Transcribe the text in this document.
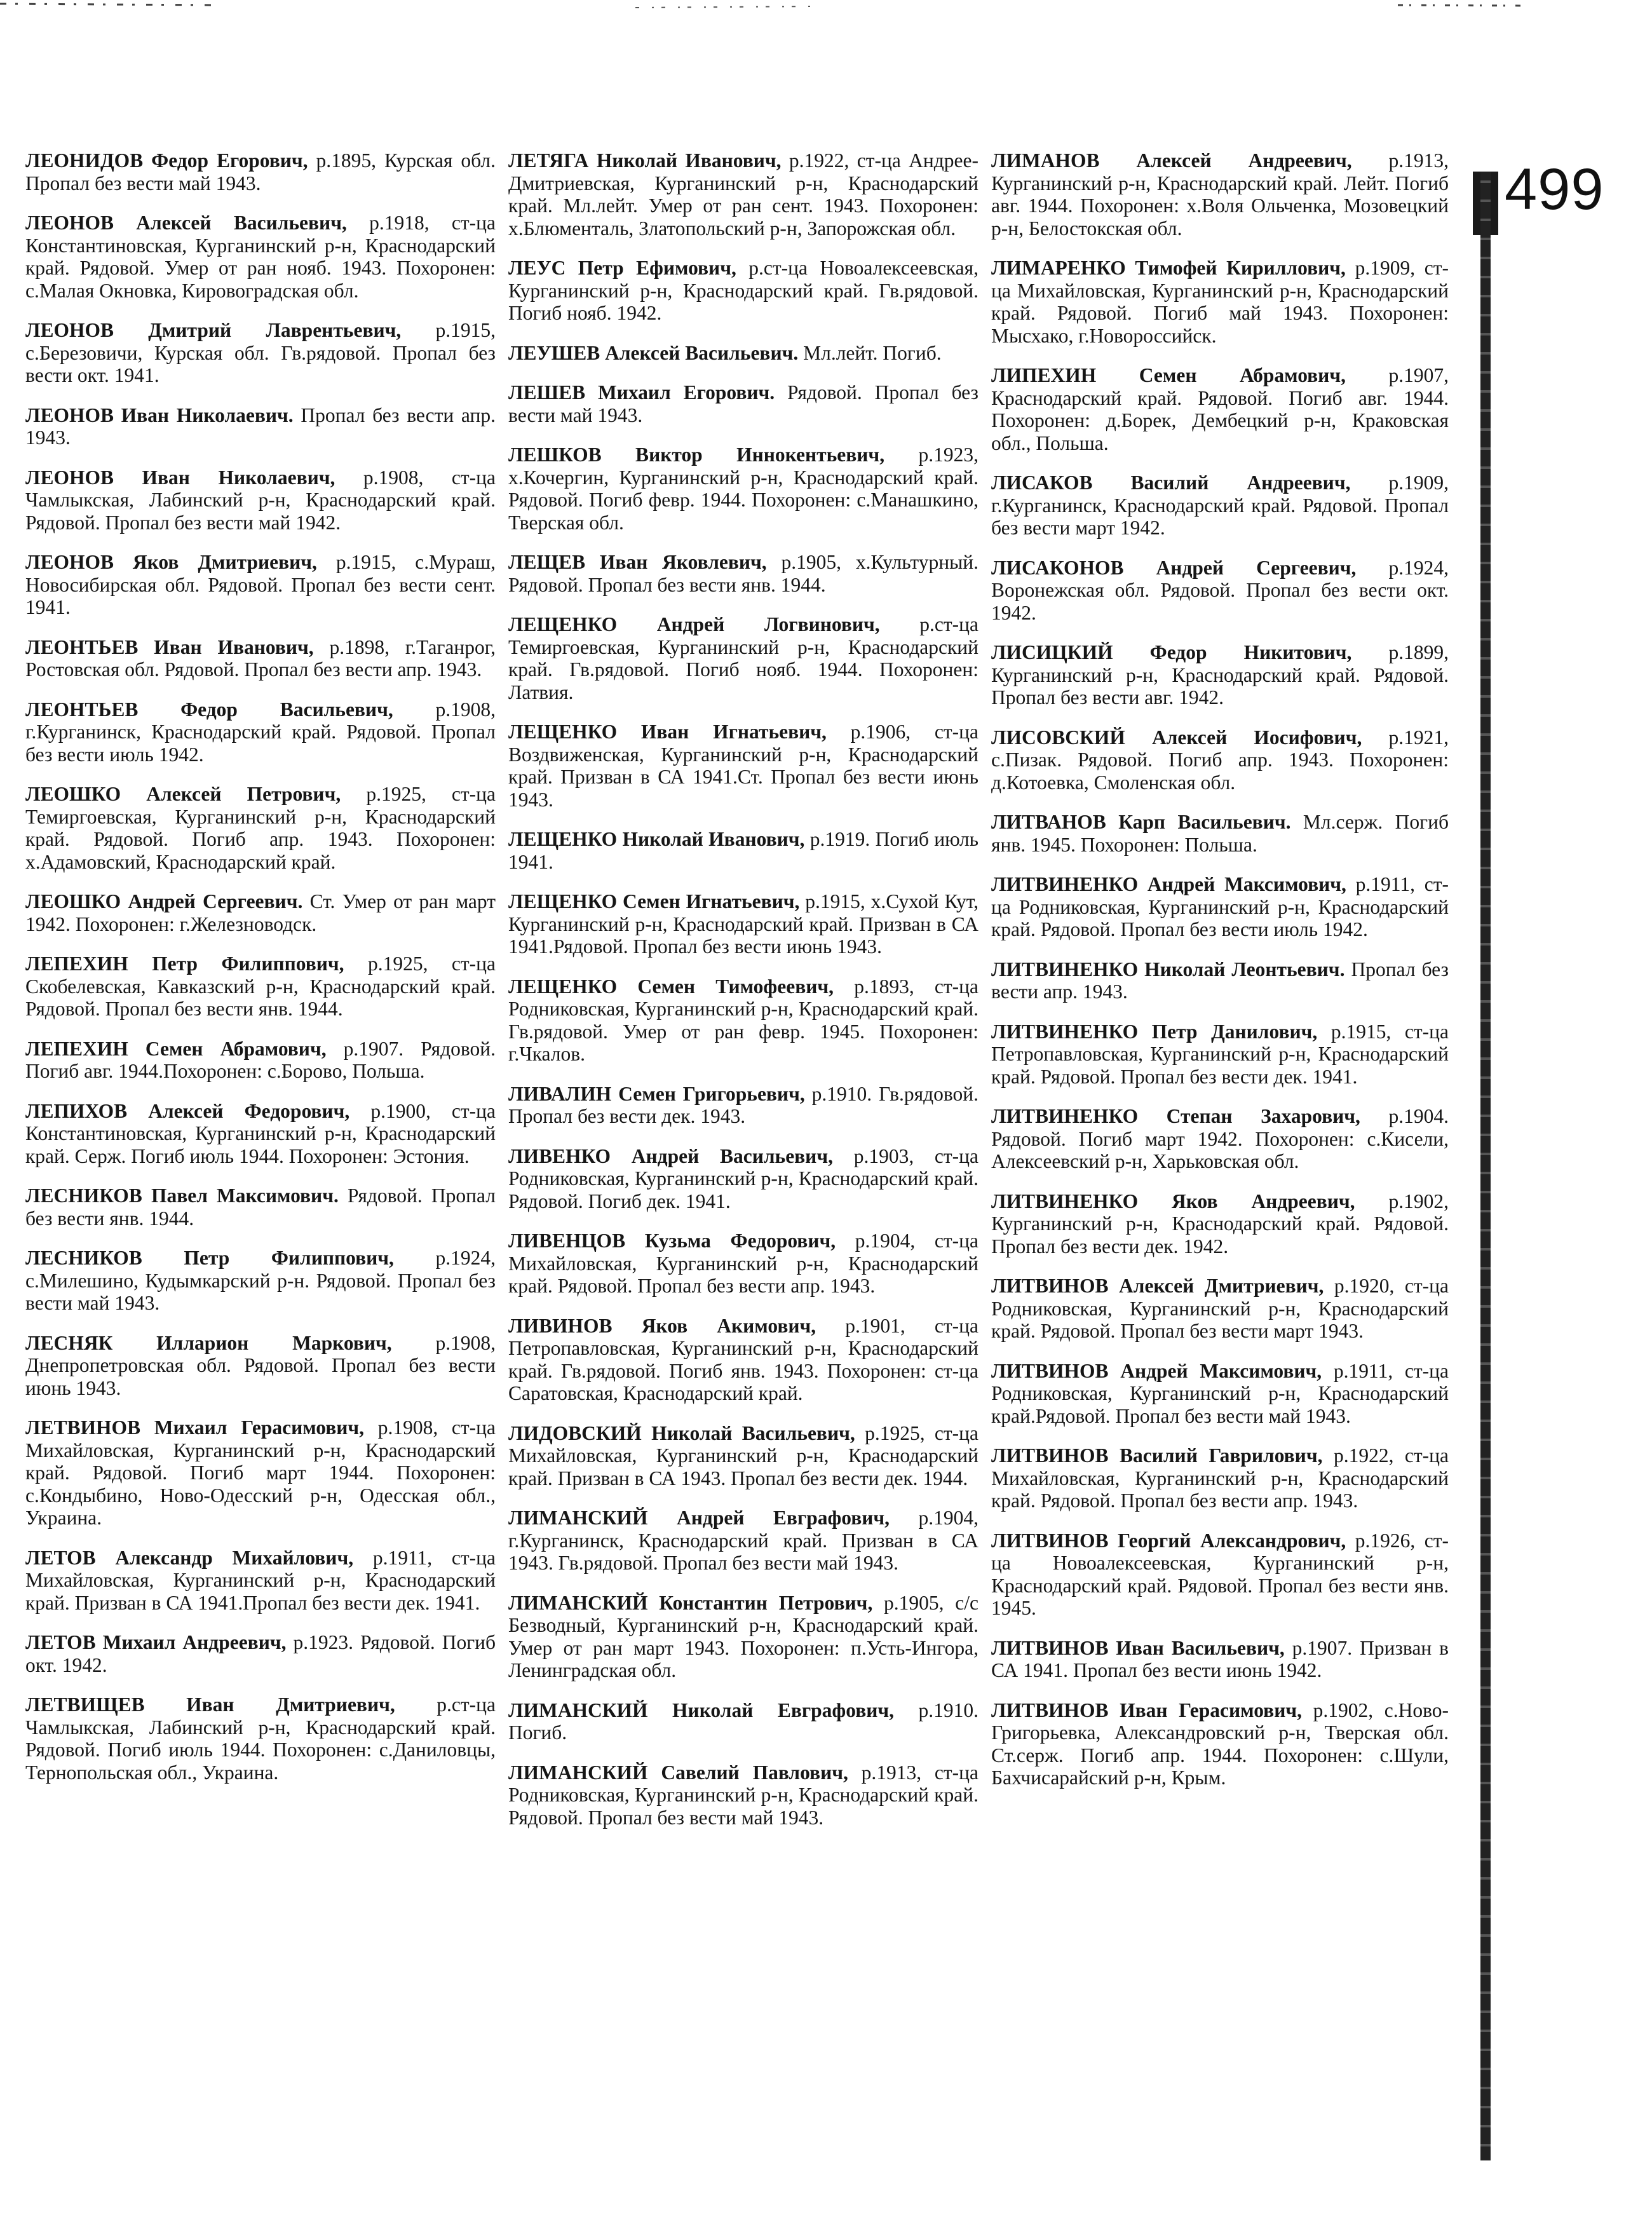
ЛЕОНИДОВ Федор Егорович, р.1895, Курская обл. Пропал без вести май 1943.

ЛЕОНОВ Алексей Васильевич, р.1918, ст-ца Константиновская, Курганинский р-н, Краснодарский край. Рядовой. Умер от ран нояб. 1943. Похоронен: с.Малая Окновка, Кировоградская обл.

ЛЕОНОВ Дмитрий Лаврентьевич, р.1915, с.Березовичи, Курская обл. Гв.рядовой. Пропал без вести окт. 1941.

ЛЕОНОВ Иван Николаевич. Пропал без вести апр. 1943.

ЛЕОНОВ Иван Николаевич, р.1908, ст-ца Чамлыкская, Лабинский р-н, Краснодарский край. Рядовой. Пропал без вести май 1942.

ЛЕОНОВ Яков Дмитриевич, р.1915, с.Мураш, Новосибирская обл. Рядовой. Пропал без вести сент. 1941.

ЛЕОНТЬЕВ Иван Иванович, р.1898, г.Таганрог, Ростовская обл. Рядовой. Пропал без вести апр. 1943.

ЛЕОНТЬЕВ Федор Васильевич, р.1908, г.Курганинск, Краснодарский край. Рядовой. Пропал без вести июль 1942.

ЛЕОШКО Алексей Петрович, р.1925, ст-ца Темиргоевская, Курганинский р-н, Краснодарский край. Рядовой. Погиб апр. 1943. Похоронен: х.Адамовский, Краснодарский край.

ЛЕОШКО Андрей Сергеевич. Ст. Умер от ран март 1942. Похоронен: г.Железноводск.

ЛЕПЕХИН Петр Филиппович, р.1925, ст-ца Скобелевская, Кавказский р-н, Краснодарский край. Рядовой. Пропал без вести янв. 1944.

ЛЕПЕХИН Семен Абрамович, р.1907. Рядовой. Погиб авг. 1944.Похоронен: с.Борово, Польша.

ЛЕПИХОВ Алексей Федорович, р.1900, ст-ца Константиновская, Курганинский р-н, Краснодарский край. Серж. Погиб июль 1944. Похоронен: Эстония.

ЛЕСНИКОВ Павел Максимович. Рядовой. Пропал без вести янв. 1944.

ЛЕСНИКОВ Петр Филиппович, р.1924, с.Милешино, Кудымкарский р-н. Рядовой. Пропал без вести май 1943.

ЛЕСНЯК Илларион Маркович, р.1908, Днепропетровская обл. Рядовой. Пропал без вести июнь 1943.

ЛЕТВИНОВ Михаил Герасимович, р.1908, ст-ца Михайловская, Курганинский р-н, Краснодарский край. Рядовой. Погиб март 1944. Похоронен: с.Кондыбино, Ново-Одесский р-н, Одесская обл., Украина.

ЛЕТОВ Александр Михайлович, р.1911, ст-ца Михайловская, Курганинский р-н, Краснодарский край. Призван в СА 1941.Пропал без вести дек. 1941.

ЛЕТОВ Михаил Андреевич, р.1923. Рядовой. Погиб окт. 1942.

ЛЕТВИЩЕВ Иван Дмитриевич, р.ст-ца Чамлыкская, Лабинский р-н, Краснодарский край. Рядовой. Погиб июль 1944. Похоронен: с.Даниловцы, Тернопольская обл., Украина.

ЛЕТЯГА Николай Иванович, р.1922, ст-ца Андрее-Дмитриевская, Курганинский р-н, Краснодарский край. Мл.лейт. Умер от ран сент. 1943. Похоронен: х.Блюменталь, Златопольский р-н, Запорожская обл.

ЛЕУС Петр Ефимович, р.ст-ца Новоалексеевская, Курганинский р-н, Краснодарский край. Гв.рядовой. Погиб нояб. 1942.

ЛЕУШЕВ Алексей Васильевич. Мл.лейт. Погиб.

ЛЕШЕВ Михаил Егорович. Рядовой. Пропал без вести май 1943.

ЛЕШКОВ Виктор Иннокентьевич, р.1923, х.Кочергин, Курганинский р-н, Краснодарский край. Рядовой. Погиб февр. 1944. Похоронен: с.Манашкино, Тверская обл.

ЛЕЩЕВ Иван Яковлевич, р.1905, х.Культурный. Рядовой. Пропал без вести янв. 1944.

ЛЕЩЕНКО Андрей Логвинович, р.ст-ца Темиргоевская, Курганинский р-н, Краснодарский край. Гв.рядовой. Погиб нояб. 1944. Похоронен: Латвия.

ЛЕЩЕНКО Иван Игнатьевич, р.1906, ст-ца Воздвиженская, Курганинский р-н, Краснодарский край. Призван в СА 1941.Ст. Пропал без вести июнь 1943.

ЛЕЩЕНКО Николай Иванович, р.1919. Погиб июль 1941.

ЛЕЩЕНКО Семен Игнатьевич, р.1915, х.Сухой Кут, Курганинский р-н, Краснодарский край. Призван в СА 1941.Рядовой. Пропал без вести июнь 1943.

ЛЕЩЕНКО Семен Тимофеевич, р.1893, ст-ца Родниковская, Курганинский р-н, Краснодарский край. Гв.рядовой. Умер от ран февр. 1945. Похоронен: г.Чкалов.

ЛИВАЛИН Семен Григорьевич, р.1910. Гв.рядовой. Пропал без вести дек. 1943.

ЛИВЕНКО Андрей Васильевич, р.1903, ст-ца Родниковская, Курганинский р-н, Краснодарский край. Рядовой. Погиб дек. 1941.

ЛИВЕНЦОВ Кузьма Федорович, р.1904, ст-ца Михайловская, Курганинский р-н, Краснодарский край. Рядовой. Пропал без вести апр. 1943.

ЛИВИНОВ Яков Акимович, р.1901, ст-ца Петропавловская, Курганинский р-н, Краснодарский край. Гв.рядовой. Погиб янв. 1943. Похоронен: ст-ца Саратовская, Краснодарский край.

ЛИДОВСКИЙ Николай Васильевич, р.1925, ст-ца Михайловская, Курганинский р-н, Краснодарский край. Призван в СА 1943. Пропал без вести дек. 1944.

ЛИМАНСКИЙ Андрей Евграфович, р.1904, г.Курганинск, Краснодарский край. Призван в СА 1943. Гв.рядовой. Пропал без вести май 1943.

ЛИМАНСКИЙ Константин Петрович, р.1905, с/с Безводный, Курганинский р-н, Краснодарский край. Умер от ран март 1943. Похоронен: п.Усть-Ингора, Ленинградская обл.

ЛИМАНСКИЙ Николай Евграфович, р.1910. Погиб.

ЛИМАНСКИЙ Савелий Павлович, р.1913, ст-ца Родниковская, Курганинский р-н, Краснодарский край. Рядовой. Пропал без вести май 1943.

ЛИМАНОВ Алексей Андреевич, р.1913, Курганинский р-н, Краснодарский край. Лейт. Погиб авг. 1944. Похоронен: х.Воля Ольченка, Мозовецкий р-н, Белостокская обл.

ЛИМАРЕНКО Тимофей Кириллович, р.1909, ст-ца Михайловская, Курганинский р-н, Краснодарский край. Рядовой. Погиб май 1943. Похоронен: Мысхако, г.Новороссийск.

ЛИПЕХИН Семен Абрамович, р.1907, Краснодарский край. Рядовой. Погиб авг. 1944. Похоронен: д.Борек, Дембецкий р-н, Краковская обл., Польша.

ЛИСАКОВ Василий Андреевич, р.1909, г.Курганинск, Краснодарский край. Рядовой. Пропал без вести март 1942.

ЛИСАКОНОВ Андрей Сергеевич, р.1924, Воронежская обл. Рядовой. Пропал без вести окт. 1942.

ЛИСИЦКИЙ Федор Никитович, р.1899, Курганинский р-н, Краснодарский край. Рядовой. Пропал без вести авг. 1942.

ЛИСОВСКИЙ Алексей Иосифович, р.1921, с.Пизак. Рядовой. Погиб апр. 1943. Похоронен: д.Котоевка, Смоленская обл.

ЛИТВАНОВ Карп Васильевич. Мл.серж. Погиб янв. 1945. Похоронен: Польша.

ЛИТВИНЕНКО Андрей Максимович, р.1911, ст-ца Родниковская, Курганинский р-н, Краснодарский край. Рядовой. Пропал без вести июль 1942.

ЛИТВИНЕНКО Николай Леонтьевич. Пропал без вести апр. 1943.

ЛИТВИНЕНКО Петр Данилович, р.1915, ст-ца Петропавловская, Курганинский р-н, Краснодарский край. Рядовой. Пропал без вести дек. 1941.

ЛИТВИНЕНКО Степан Захарович, р.1904. Рядовой. Погиб март 1942. Похоронен: с.Кисели, Алексеевский р-н, Харьковская обл.

ЛИТВИНЕНКО Яков Андреевич, р.1902, Курганинский р-н, Краснодарский край. Рядовой. Пропал без вести дек. 1942.

ЛИТВИНОВ Алексей Дмитриевич, р.1920, ст-ца Родниковская, Курганинский р-н, Краснодарский край. Рядовой. Пропал без вести март 1943.

ЛИТВИНОВ Андрей Максимович, р.1911, ст-ца Родниковская, Курганинский р-н, Краснодарский край.Рядовой. Пропал без вести май 1943.

ЛИТВИНОВ Василий Гаврилович, р.1922, ст-ца Михайловская, Курганинский р-н, Краснодарский край. Рядовой. Пропал без вести апр. 1943.

ЛИТВИНОВ Георгий Александрович, р.1926, ст-ца Новоалексеевская, Курганинский р-н, Краснодарский край. Рядовой. Пропал без вести янв. 1945.

ЛИТВИНОВ Иван Васильевич, р.1907. Призван в СА 1941. Пропал без вести июнь 1942.

ЛИТВИНОВ Иван Герасимович, р.1902, с.Ново-Григорьевка, Александровский р-н, Тверская обл. Ст.серж. Погиб апр. 1944. Похоронен: с.Шули, Бахчисарайский р-н, Крым.

499
